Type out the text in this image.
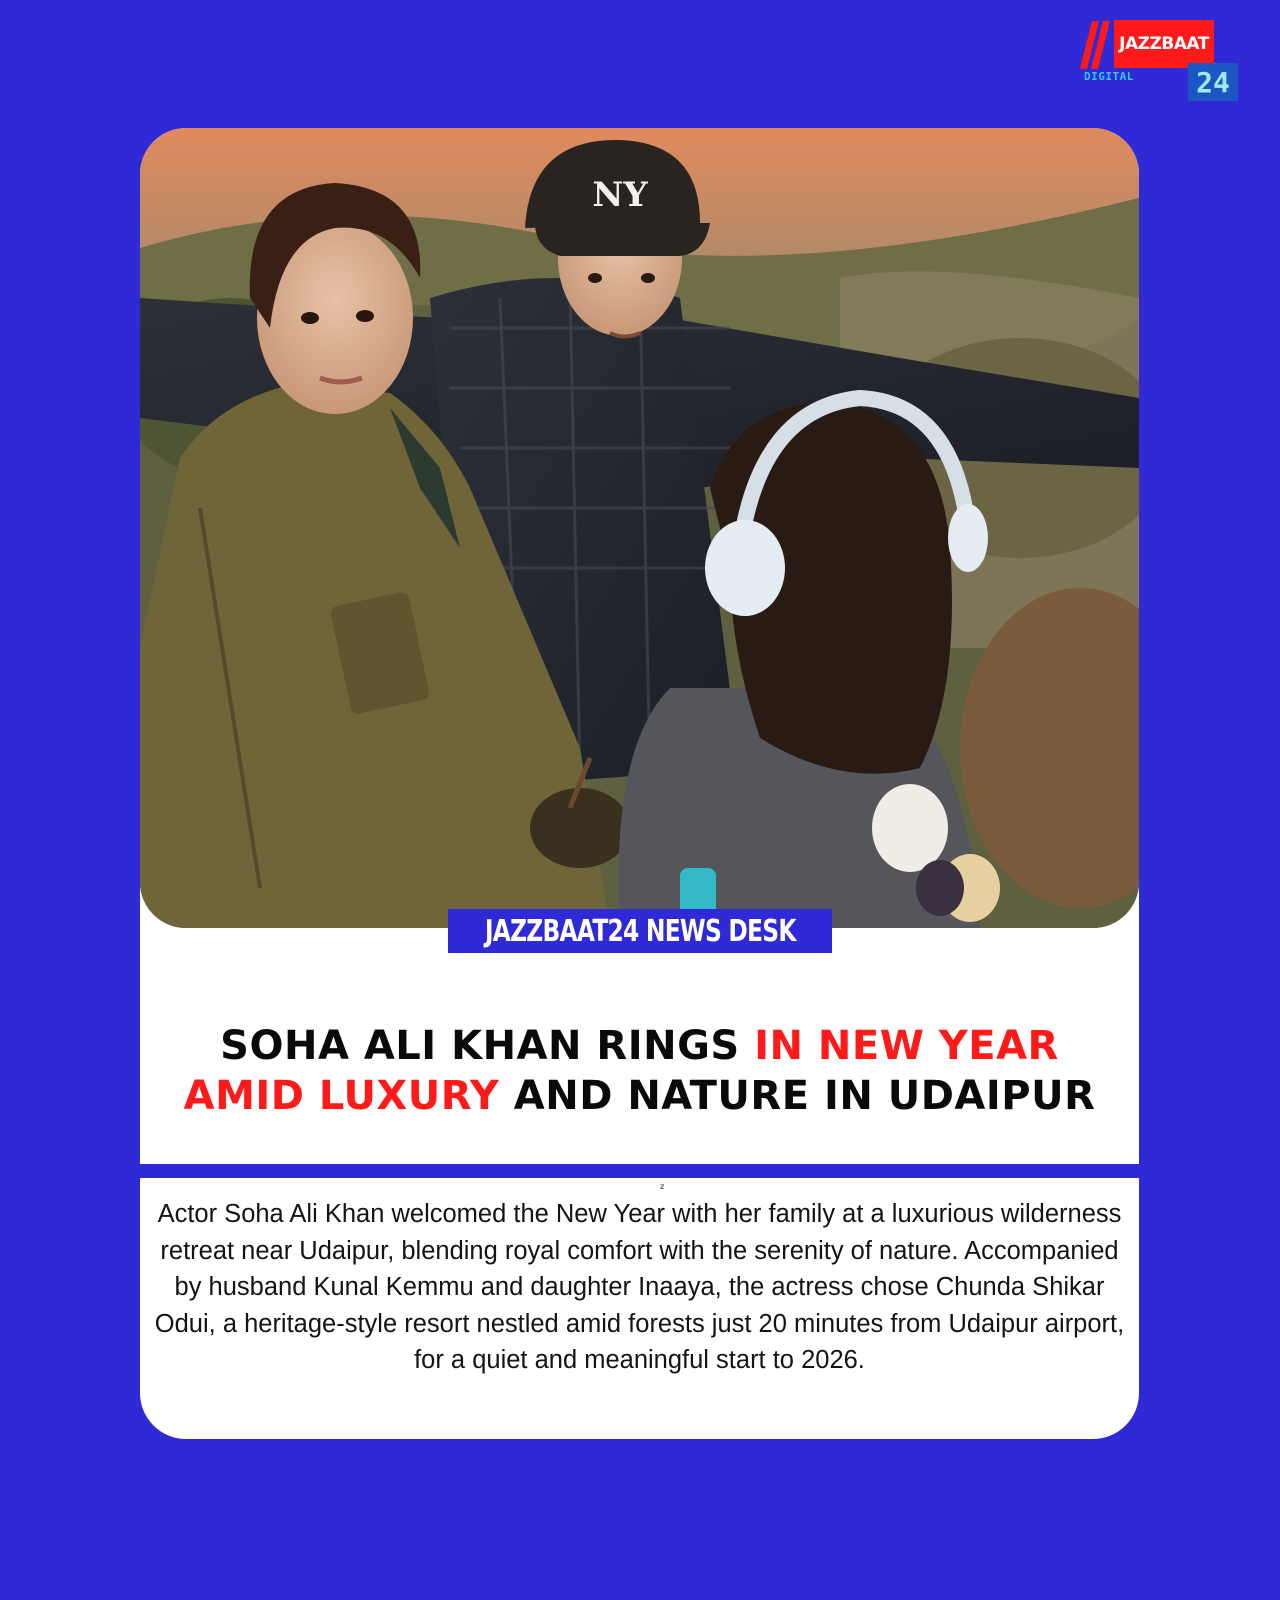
JAZZBAAT
DIGITAL 24
NY
JAZZBAAT24 NEWS DESK
SOHA ALI KHAN RINGS IN NEW YEAR
AMID LUXURY AND NATURE IN UDAIPUR
z
Actor Soha Ali Khan welcomed the New Year with her family at a luxurious wilderness retreat near Udaipur, blending royal comfort with the serenity of nature. Accompanied by husband Kunal Kemmu and daughter Inaaya, the actress chose Chunda Shikar Odui, a heritage-style resort nestled amid forests just 20 minutes from Udaipur airport, for a quiet and meaningful start to 2026.
